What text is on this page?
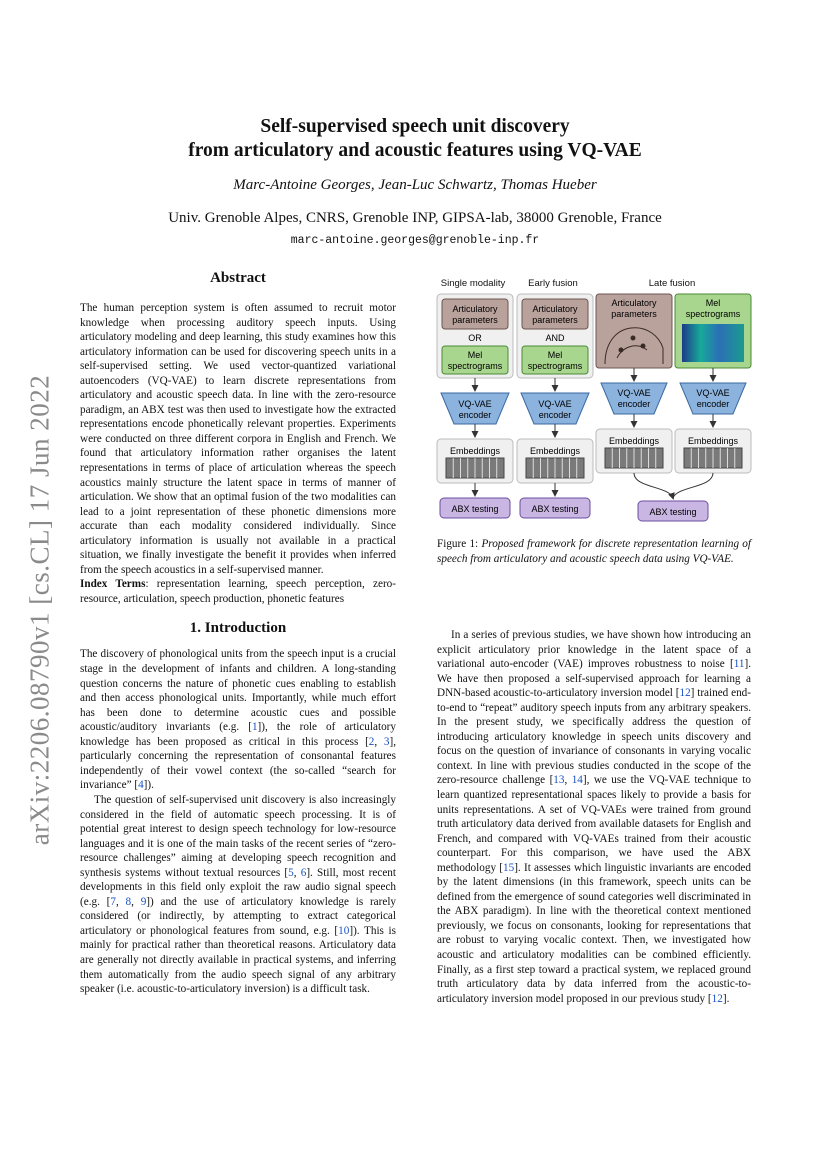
arXiv:2206.08790v1 [cs.CL] 17 Jun 2022
Self-supervised speech unit discovery
from articulatory and acoustic features using VQ-VAE
Marc-Antoine Georges, Jean-Luc Schwartz, Thomas Hueber
Univ. Grenoble Alpes, CNRS, Grenoble INP, GIPSA-lab, 38000 Grenoble, France
marc-antoine.georges@grenoble-inp.fr
Abstract

The human perception system is often assumed to recruit motor knowledge when processing auditory speech inputs. Using articulatory modeling and deep learning, this study examines how this articulatory information can be used for discovering speech units in a self-supervised setting. We used vector-quantized variational autoencoders (VQ-VAE) to learn discrete representations from articulatory and acoustic speech data. In line with the zero-resource paradigm, an ABX test was then used to investigate how the extracted representations encode phonetically relevant properties. Experiments were conducted on three different corpora in English and French. We found that articulatory information rather organises the latent representations in terms of place of articulation whereas the speech acoustics mainly structure the latent space in terms of manner of articulation. We show that an optimal fusion of the two modalities can lead to a joint representation of these phonetic dimensions more accurate than each modality considered individually. Since articulatory information is usually not available in a practical situation, we finally investigate the benefit it provides when inferred from the speech acoustics in a self-supervised manner.

Index Terms: representation learning, speech perception, zero-resource, articulation, speech production, phonetic features

1. Introduction

The discovery of phonological units from the speech input is a crucial stage in the development of infants and children. A long-standing question concerns the nature of phonetic cues enabling to establish and then access phonological units. Importantly, while much effort has been done to determine acoustic cues and possible acoustic/auditory invariants (e.g. [1]), the role of articulatory knowledge has been proposed as critical in this process [2, 3], particularly concerning the representation of consonantal features independently of their vowel context (the so-called “search for invariance” [4]).

The question of self-supervised unit discovery is also increasingly considered in the field of automatic speech processing. It is of potential great interest to design speech technology for low-resource languages and it is one of the main tasks of the recent series of “zero-resource challenges” aiming at developing speech recognition and synthesis systems without textual resources [5, 6]. Still, most recent developments in this field only exploit the raw audio signal speech (e.g. [7, 8, 9]) and the use of articulatory knowledge is rarely considered (or indirectly, by attempting to extract categorical articulatory or phonological features from sound, e.g. [10]). This is mainly for practical rather than theoretical reasons. Articulatory data are generally not directly available in practical systems, and inferring them automatically from the audio speech signal of any arbitrary speaker (i.e. acoustic-to-articulatory inversion) is a difficult task.

Single modality Early fusion	Late fusion
Articulatory
parameters
OR
Mel
spectrograms
VQ-VAE
encoder
Embeddings
ABX testing
Articulatory
parameters
AND
Mel
spectrograms
VQ-VAE
encoder
Embeddings
ABX testing
Articulatory
parameters
Mel
spectrograms
VQ-VAE
encoder
VQ-VAE
encoder
Embeddings	Embeddings
ABX testing
Figure 1: Proposed framework for discrete representation learning of speech from articulatory and acoustic speech data using VQ-VAE.

In a series of previous studies, we have shown how introducing an explicit articulatory prior knowledge in the latent space of a variational auto-encoder (VAE) improves robustness to noise [11]. We have then proposed a self-supervised approach for learning a DNN-based acoustic-to-articulatory inversion model [12] trained end-to-end to “repeat” auditory speech inputs from any arbitrary speakers. In the present study, we specifically address the question of introducing articulatory knowledge in speech units discovery and focus on the question of invariance of consonants in varying vocalic context. In line with previous studies conducted in the scope of the zero-resource challenge [13, 14], we use the VQ-VAE technique to learn quantized representational spaces likely to provide a basis for units representations. A set of VQ-VAEs were trained from ground truth articulatory data derived from available datasets for English and French, and compared with VQ-VAEs trained from their acoustic counterpart. For this comparison, we have used the ABX methodology [15]. It assesses which linguistic invariants are encoded by the latent dimensions (in this framework, speech units can be defined from the emergence of sound categories well discriminated in the ABX paradigm). In line with the theoretical context mentioned previously, we focus on consonants, looking for representations that are robust to varying vocalic context. Then, we investigated how acoustic and articulatory modalities can be combined efficiently. Finally, as a first step toward a practical system, we replaced ground truth articulatory data by data inferred from the acoustic-to-articulatory inversion model proposed in our previous study [12].
